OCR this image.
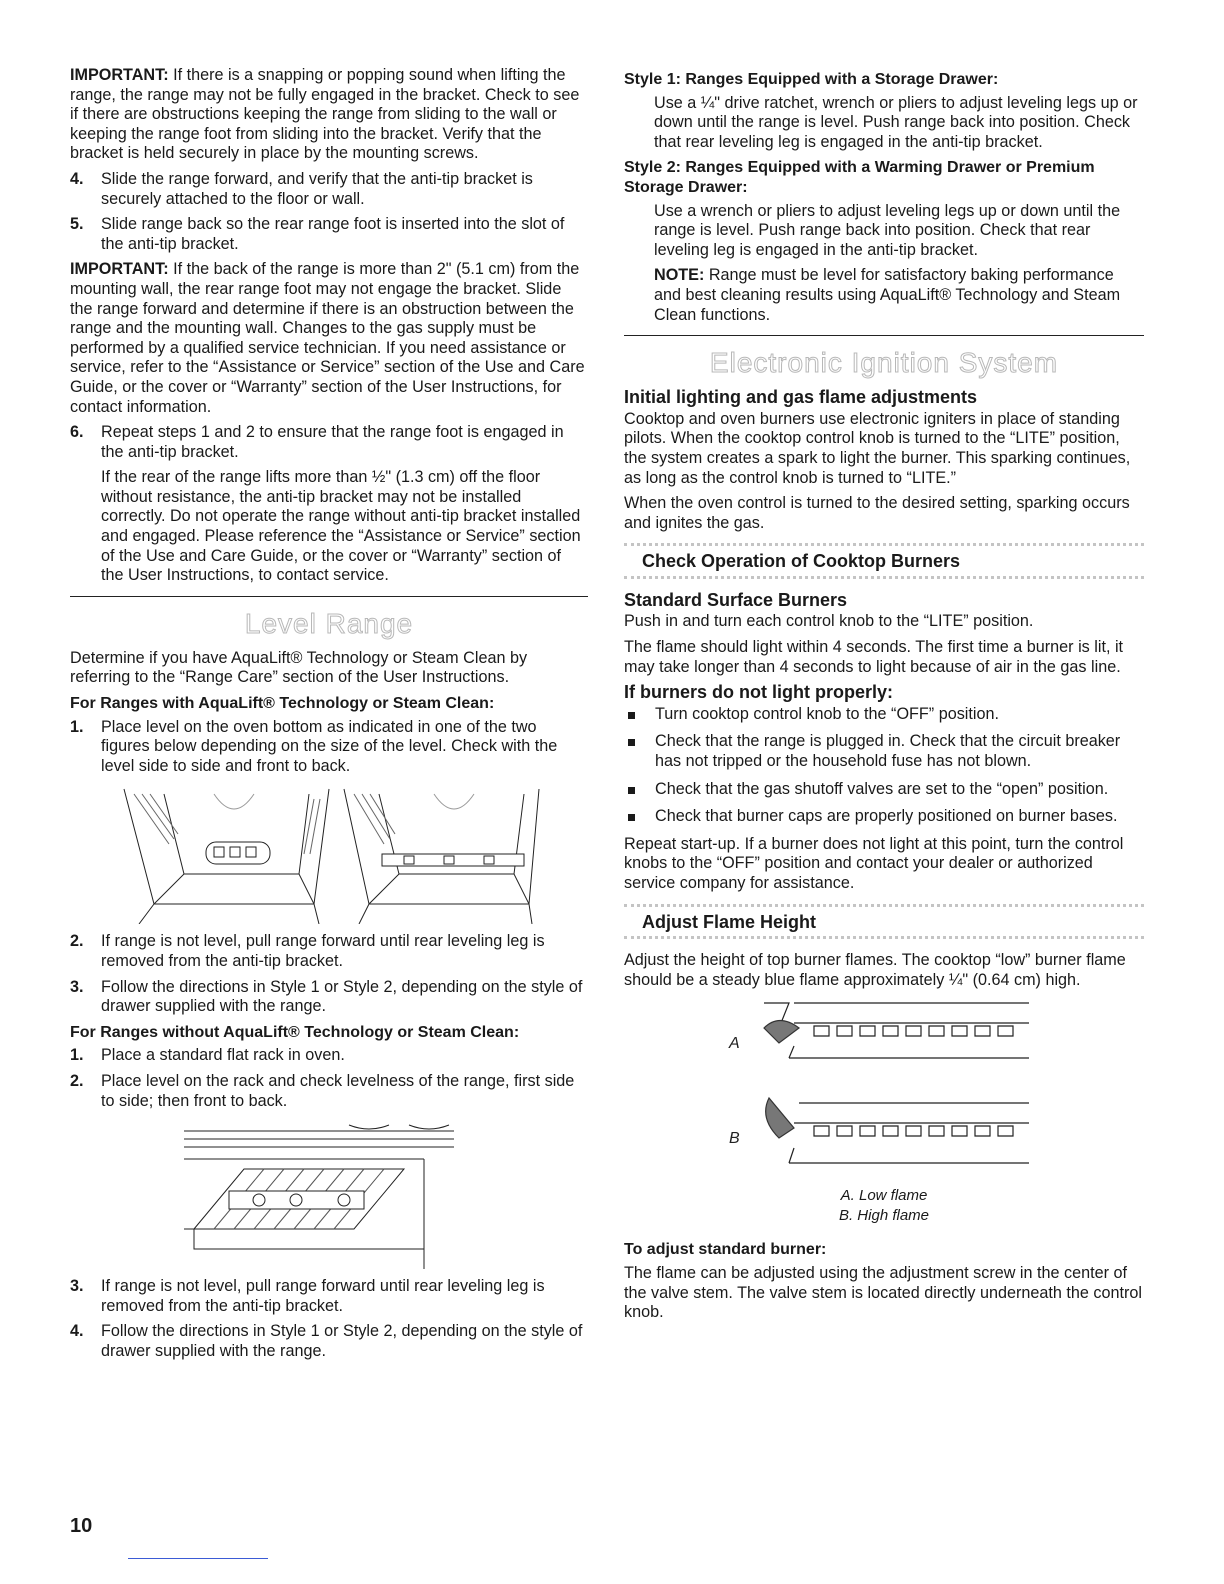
IMPORTANT: If there is a snapping or popping sound when lifting the range, the range may not be fully engaged in the bracket. Check to see if there are obstructions keeping the range from sliding to the wall or keeping the range foot from sliding into the bracket. Verify that the bracket is held securely in place by the mounting screws.

4.	Slide the range forward, and verify that the anti-tip bracket is securely attached to the floor or wall.
5.	Slide range back so the rear range foot is inserted into the slot of the anti-tip bracket.

IMPORTANT: If the back of the range is more than 2" (5.1 cm) from the mounting wall, the rear range foot may not engage the bracket. Slide the range forward and determine if there is an obstruction between the range and the mounting wall. Changes to the gas supply must be performed by a qualified service technician. If you need assistance or service, refer to the “Assistance or Service” section of the Use and Care Guide, or the cover or “Warranty” section of the User Instructions, for contact information.

6.	Repeat steps 1 and 2 to ensure that the range foot is engaged in the anti-tip bracket.

If the rear of the range lifts more than ½" (1.3 cm) off the floor without resistance, the anti-tip bracket may not be installed correctly. Do not operate the range without anti-tip bracket installed and engaged. Please reference the “Assistance or Service” section of the Use and Care Guide, or the cover or “Warranty” section of the User Instructions, to contact service.

Level Range

Determine if you have AquaLift® Technology or Steam Clean by referring to the “Range Care” section of the User Instructions.

For Ranges with AquaLift® Technology or Steam Clean:
1.	Place level on the oven bottom as indicated in one of the two figures below depending on the size of the level. Check with the level side to side and front to back.
2.	If range is not level, pull range forward until rear leveling leg is removed from the anti-tip bracket.
3.	Follow the directions in Style 1 or Style 2, depending on the style of drawer supplied with the range.
For Ranges without AquaLift® Technology or Steam Clean:
1.	Place a standard flat rack in oven.
2.	Place level on the rack and check levelness of the range, first side to side; then front to back.
3.	If range is not level, pull range forward until rear leveling leg is removed from the anti-tip bracket.
4.	Follow the directions in Style 1 or Style 2, depending on the style of drawer supplied with the range.
Style 1: Ranges Equipped with a Storage Drawer:

Use a ¼" drive ratchet, wrench or pliers to adjust leveling legs up or down until the range is level. Push range back into position. Check that rear leveling leg is engaged in the anti-tip bracket.

Style 2: Ranges Equipped with a Warming Drawer or Premium Storage Drawer:

Use a wrench or pliers to adjust leveling legs up or down until the range is level. Push range back into position. Check that rear leveling leg is engaged in the anti-tip bracket.

NOTE: Range must be level for satisfactory baking performance and best cleaning results using AquaLift® Technology and Steam Clean functions.

Electronic Ignition System
Initial lighting and gas flame adjustments

Cooktop and oven burners use electronic igniters in place of standing pilots. When the cooktop control knob is turned to the “LITE” position, the system creates a spark to light the burner. This sparking continues, as long as the control knob is turned to “LITE.”

When the oven control is turned to the desired setting, sparking occurs and ignites the gas.

Check Operation of Cooktop Burners
Standard Surface Burners

Push in and turn each control knob to the “LITE” position.

The flame should light within 4 seconds. The first time a burner is lit, it may take longer than 4 seconds to light because of air in the gas line.

If burners do not light properly:
Turn cooktop control knob to the “OFF” position.
Check that the range is plugged in. Check that the circuit breaker has not tripped or the household fuse has not blown.
Check that the gas shutoff valves are set to the “open” position.
Check that burner caps are properly positioned on burner bases.

Repeat start-up. If a burner does not light at this point, turn the control knobs to the “OFF” position and contact your dealer or authorized service company for assistance.

Adjust Flame Height

Adjust the height of top burner flames. The cooktop “low” burner flame should be a steady blue flame approximately ¼" (0.64 cm) high.

A
B
A. Low flame
B. High flame
To adjust standard burner:

The flame can be adjusted using the adjustment screw in the center of the valve stem. The valve stem is located directly underneath the control knob.

10
